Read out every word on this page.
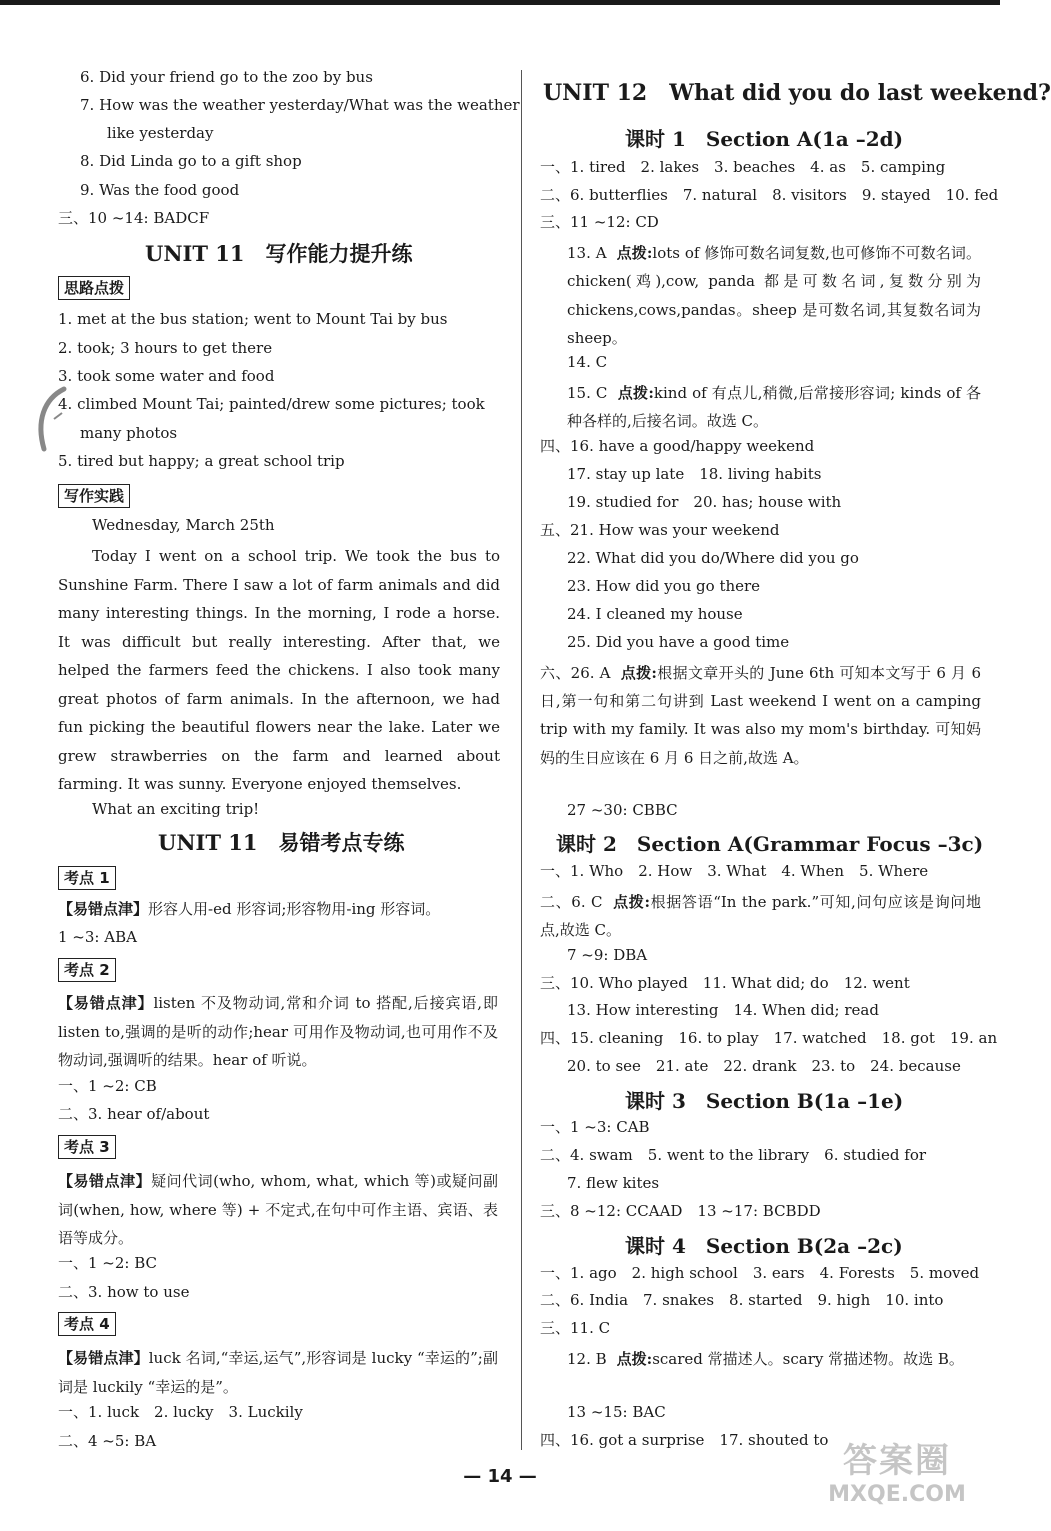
6. Did your friend go to the zoo by bus
7. How was the weather yesterday/What was the weather
like yesterday
8. Did Linda go to a gift shop
9. Was the food good
三、10 ~14: BADCF
UNIT 11　写作能力提升练
思路点拨
1. met at the bus station; went to Mount Tai by bus
2. took; 3 hours to get there
3. took some water and food
4. climbed Mount Tai; painted/drew some pictures; took
many photos
5. tired but happy; a great school trip
写作实践
Wednesday, March 25th
Today I went on a school trip. We took the bus to Sunshine Farm. There I saw a lot of farm animals and did many interesting things. In the morning, I rode a horse. It was difficult but really interesting. After that, we helped the farmers feed the chickens. I also took many great photos of farm animals. In the afternoon, we had fun picking the beautiful flowers near the lake. Later we grew strawberries on the farm and learned about farming. It was sunny. Everyone enjoyed themselves.
What an exciting trip!
UNIT 11　易错考点专练
考点 1
【易错点津】形容人用-ed 形容词;形容物用-ing 形容词。
1 ~3: ABA
考点 2
【易错点津】listen 不及物动词,常和介词 to 搭配,后接宾语,即 listen to,强调的是听的动作;hear 可用作及物动词,也可用作不及物动词,强调听的结果。hear of 听说。
一、1 ~2: CB
二、3. hear of/about
考点 3
【易错点津】疑问代词(who, whom, what, which 等)或疑问副词(when, how, where 等) + 不定式,在句中可作主语、宾语、表语等成分。
一、1 ~2: BC
二、3. how to use
考点 4
【易错点津】luck 名词,“幸运,运气”,形容词是 lucky “幸运的”;副词是 luckily “幸运的是”。
一、1. luck　2. lucky　3. Luckily
二、4 ~5: BA
UNIT 12　What did you do last weekend?
课时 1　Section A(1a –2d)
一、1. tired　2. lakes　3. beaches　4. as　5. camping
二、6. butterflies　7. natural　8. visitors　9. stayed　10. fed
三、11 ~12: CD
13. A 点拨:lots of 修饰可数名词复数,也可修饰不可数名词。chicken(鸡),cow, panda 都是可数名词,复数分别为 chickens,cows,pandas。sheep 是可数名词,其复数名词为 sheep。
14. C
15. C 点拨:kind of 有点儿,稍微,后常接形容词; kinds of 各种各样的,后接名词。故选 C。
四、16. have a good/happy weekend
17. stay up late　18. living habits
19. studied for　20. has; house with
五、21. How was your weekend
22. What did you do/Where did you go
23. How did you go there
24. I cleaned my house
25. Did you have a good time
六、26. A 点拨:根据文章开头的 June 6th 可知本文写于 6 月 6 日,第一句和第二句讲到 Last weekend I went on a camping trip with my family. It was also my mom's birthday. 可知妈妈的生日应该在 6 月 6 日之前,故选 A。
27 ~30: CBBC
课时 2　Section A(Grammar Focus –3c)
一、1. Who　2. How　3. What　4. When　5. Where
二、6. C 点拨:根据答语“In the park.”可知,问句应该是询问地点,故选 C。
7 ~9: DBA
三、10. Who played　11. What did; do　12. went
13. How interesting　14. When did; read
四、15. cleaning　16. to play　17. watched　18. got　19. an
20. to see　21. ate　22. drank　23. to　24. because
课时 3　Section B(1a –1e)
一、1 ~3: CAB
二、4. swam　5. went to the library　6. studied for
7. flew kites
三、8 ~12: CCAAD　13 ~17: BCBDD
课时 4　Section B(2a –2c)
一、1. ago　2. high school　3. ears　4. Forests　5. moved
二、6. India　7. snakes　8. started　9. high　10. into
三、11. C
12. B 点拨:scared 常描述人。scary 常描述物。故选 B。
13 ~15: BAC
四、16. got a surprise　17. shouted to
— 14 —	答案圈
MXQE.COM
